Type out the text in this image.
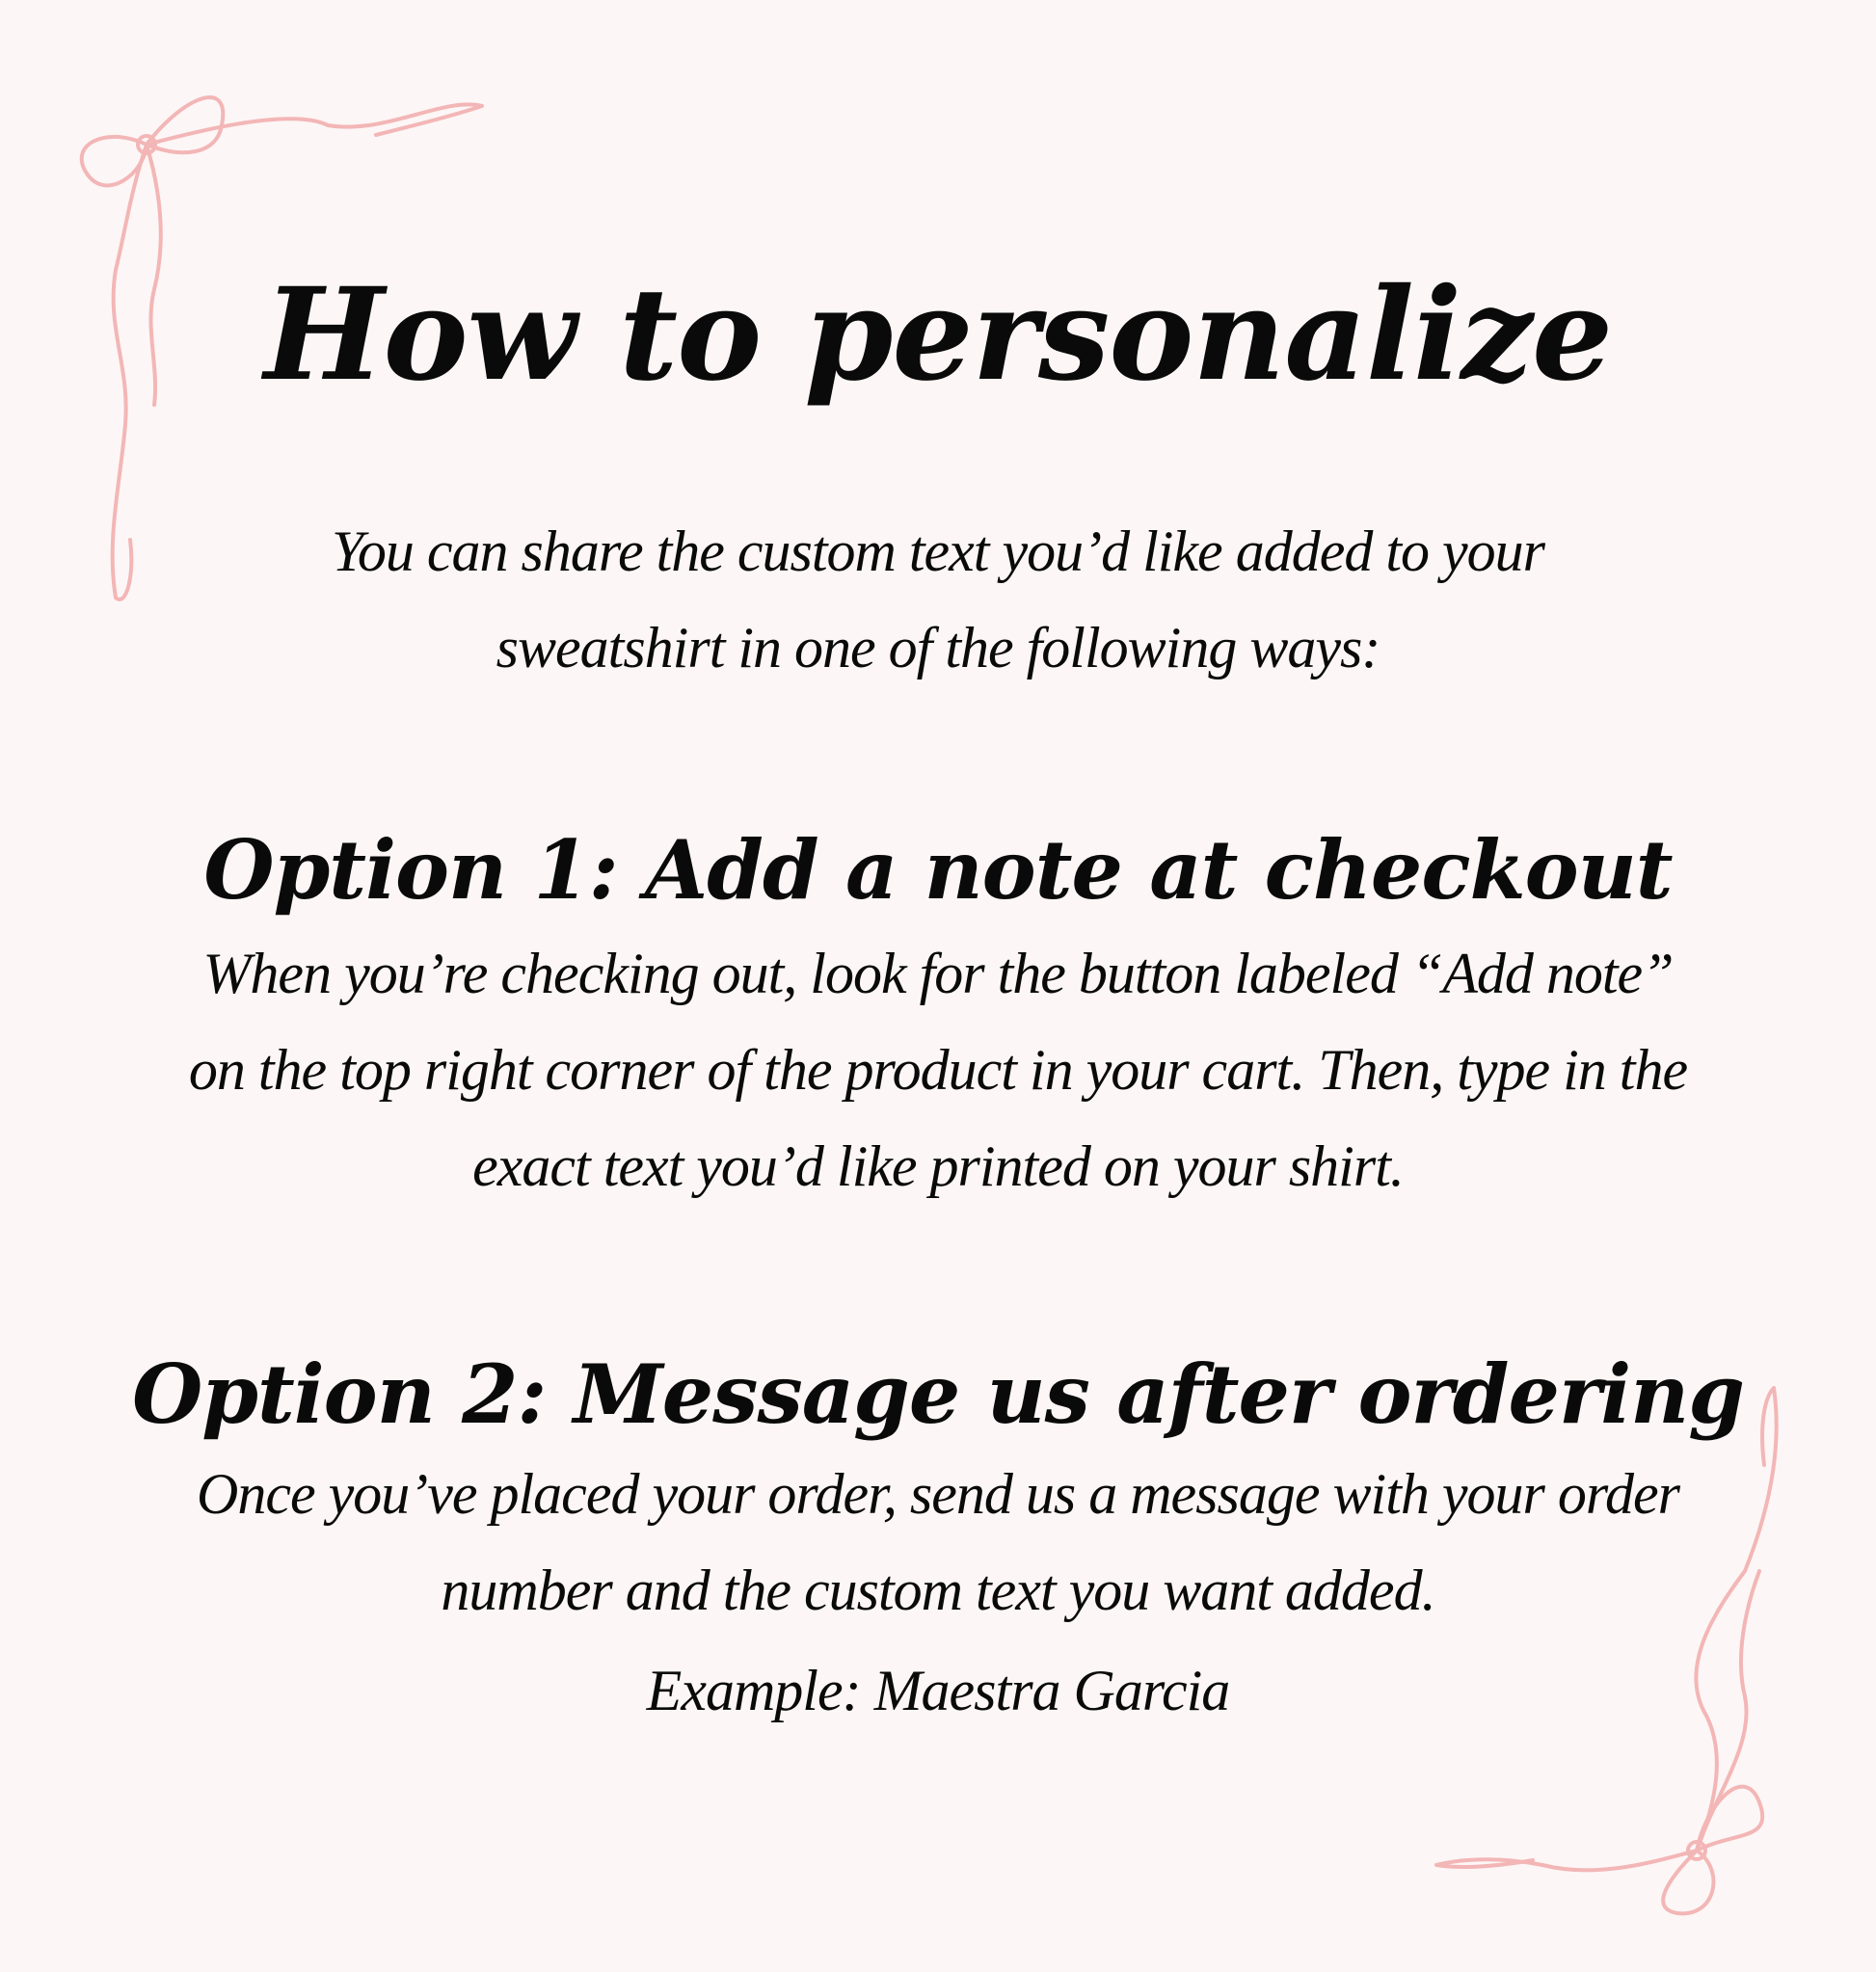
How to personalize

You can share the custom text you’d like added to your sweatshirt in one of the following ways:

Option 1: Add a note at checkout

When you’re checking out, look for the button labeled “Add note” on the top right corner of the product in your cart. Then, type in the exact text you’d like printed on your shirt.

Option 2: Message us after ordering

Once you’ve placed your order, send us a message with your order number and the custom text you want added.

Example: Maestra Garcia
